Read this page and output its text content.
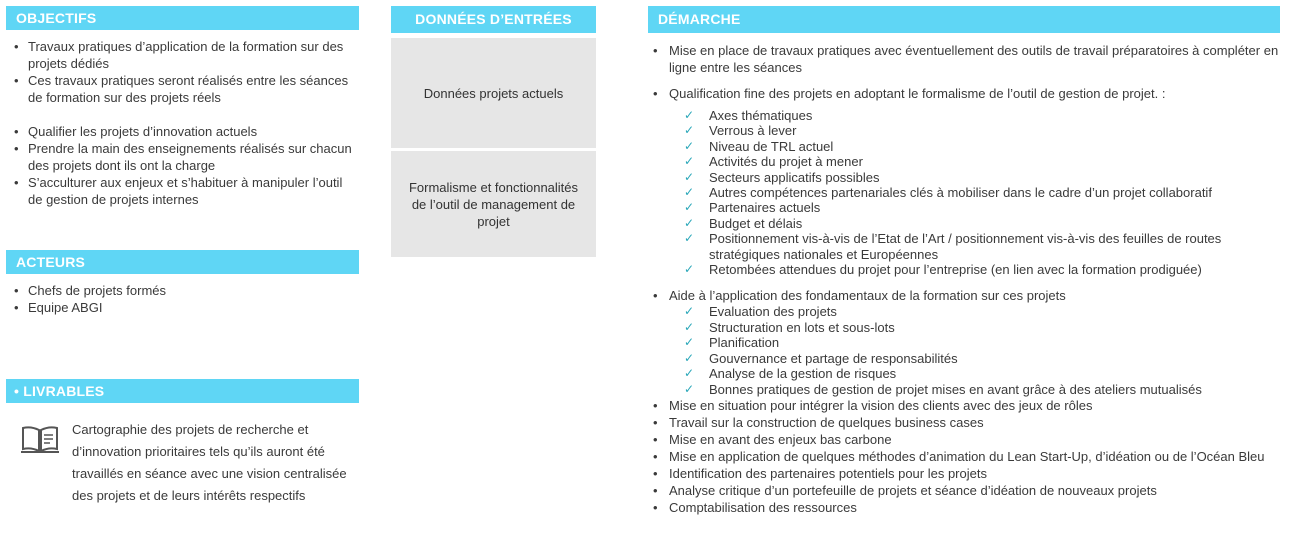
OBJECTIFS
• Travaux pratiques d’application de la formation sur des projets dédiés
• Ces travaux pratiques seront réalisés entre les séances de formation sur des projets réels
• Qualifier les projets d’innovation actuels
• Prendre la main des enseignements réalisés sur chacun des projets dont ils ont la charge
• S’acculturer aux enjeux et s’habituer à manipuler l’outil de gestion de projets internes
ACTEURS
• Chefs de projets formés
• Equipe ABGI
• LIVRABLES
Cartographie des projets de recherche et d’innovation prioritaires tels qu’ils auront été travaillés en séance avec une vision centralisée des projets et de leurs intérêts respectifs
DONNÉES D’ENTRÉES
Données projets actuels
Formalisme et fonctionnalités de l’outil de management de projet
DÉMARCHE
• Mise en place de travaux pratiques avec éventuellement des outils de travail préparatoires à compléter en ligne entre les séances
• Qualification fine des projets en adoptant le formalisme de l’outil de gestion de projet. :
✓ Axes thématiques
✓ Verrous à lever
✓ Niveau de TRL actuel
✓ Activités du projet à mener
✓ Secteurs applicatifs possibles
✓ Autres compétences partenariales clés à mobiliser dans le cadre d’un projet collaboratif
✓ Partenaires actuels
✓ Budget et délais
✓ Positionnement vis-à-vis de l’Etat de l’Art / positionnement vis-à-vis des feuilles de routes stratégiques nationales et Européennes
✓ Retombées attendues du projet pour l’entreprise (en lien avec la formation prodiguée)
• Aide à l’application des fondamentaux de la formation sur ces projets
✓ Evaluation des projets
✓ Structuration en lots et sous-lots
✓ Planification
✓ Gouvernance et partage de responsabilités
✓ Analyse de la gestion de risques
✓ Bonnes pratiques de gestion de projet mises en avant grâce à des ateliers mutualisés
• Mise en situation pour intégrer la vision des clients avec des jeux de rôles
• Travail sur la construction de quelques business cases
• Mise en avant des enjeux bas carbone
• Mise en application de quelques méthodes d’animation du Lean Start-Up, d’idéation ou de l’Océan Bleu
• Identification des partenaires potentiels pour les projets
• Analyse critique d’un portefeuille de projets et séance d’idéation de nouveaux projets
• Comptabilisation des ressources
